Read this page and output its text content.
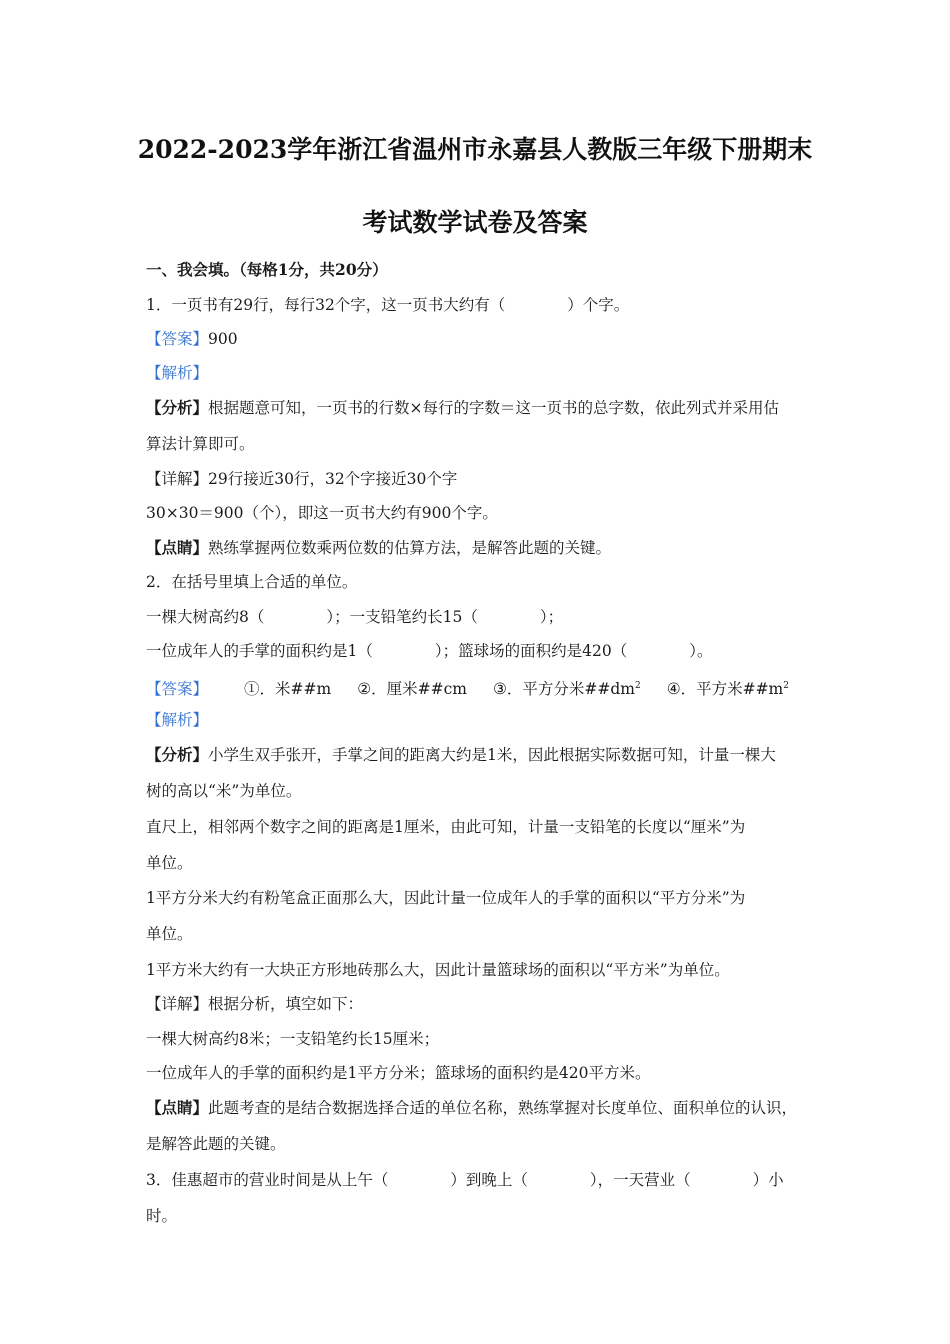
2022-2023学年浙江省温州市永嘉县人教版三年级下册期末
考试数学试卷及答案
一、我会填。（每格1分，共20分）
1．一页书有29行，每行32个字，这一页书大约有（　　　　）个字。
【答案】900
【解析】
【分析】根据题意可知，一页书的行数×每行的字数＝这一页书的总字数，依此列式并采用估
算法计算即可。
【详解】29行接近30行，32个字接近30个字
30×30＝900（个），即这一页书大约有900个字。
【点睛】熟练掌握两位数乘两位数的估算方法，是解答此题的关键。
2．在括号里填上合适的单位。
一棵大树高约8（　　　　）；一支铅笔约长15（　　　　）；
一位成年人的手掌的面积约是1（　　　　）；篮球场的面积约是420（　　　　）。
【答案】 ①．米##m ②．厘米##cm ③．平方分米$\#\#dm^2$ ④．平方米$\#\#m^2$
【解析】
【分析】小学生双手张开，手掌之间的距离大约是1米，因此根据实际数据可知，计量一棵大
树的高以“米”为单位。
直尺上，相邻两个数字之间的距离是1厘米，由此可知，计量一支铅笔的长度以“厘米”为
单位。
1平方分米大约有粉笔盒正面那么大，因此计量一位成年人的手掌的面积以“平方分米”为
单位。
1平方米大约有一大块正方形地砖那么大，因此计量篮球场的面积以“平方米”为单位。
【详解】根据分析，填空如下：
一棵大树高约8米；一支铅笔约长15厘米；
一位成年人的手掌的面积约是1平方分米；篮球场的面积约是420平方米。
【点睛】此题考查的是结合数据选择合适的单位名称，熟练掌握对长度单位、面积单位的认识，
是解答此题的关键。
3．佳惠超市的营业时间是从上午（　　　　）到晚上（　　　　），一天营业（　　　　）小
时。
